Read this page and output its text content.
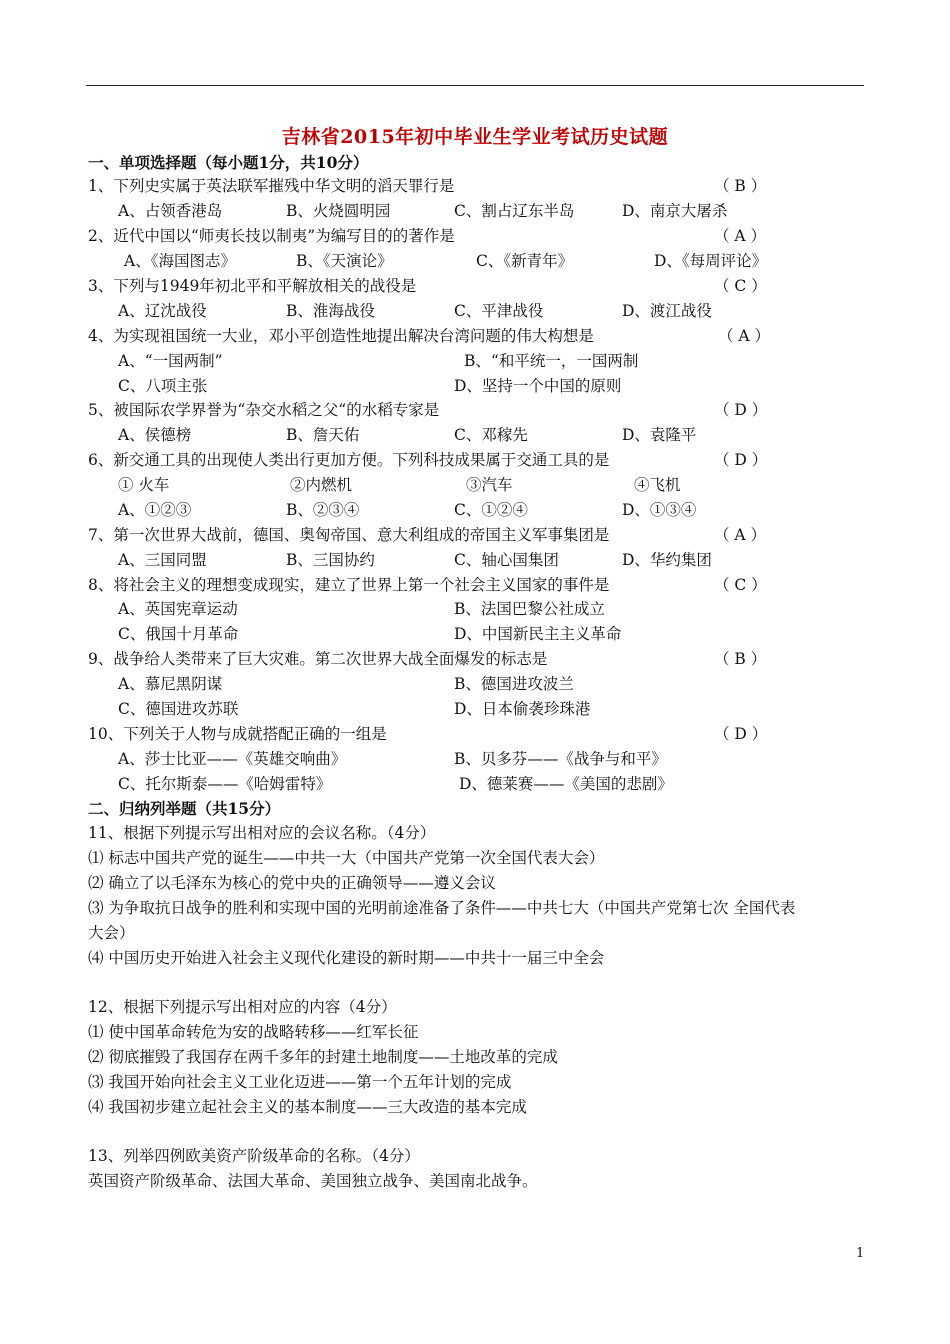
吉林省2015年初中毕业生学业考试历史试题
一、单项选择题（每小题1分，共10分）
1、下列史实属于英法联军摧残中华文明的滔天罪行是	（ B ）
A、占领香港岛	B、火烧圆明园	C、割占辽东半岛	D、南京大屠杀
2、近代中国以“师夷长技以制夷”为编写目的的著作是	（ A ）
A、《海国图志》	B、《天演论》	C、《新青年》	D、《每周评论》
3、下列与1949年初北平和平解放相关的战役是	（ C ）
A、辽沈战役	B、淮海战役	C、平津战役	D、渡江战役
4、为实现祖国统一大业，邓小平创造性地提出解决台湾问题的伟大构想是	（ A ）
A、“一国两制”	B、“和平统一，一国两制
C、八项主张	D、坚持一个中国的原则
5、被国际农学界誉为“杂交水稻之父“的水稻专家是	（ D ）
A、侯德榜	B、詹天佑	C、邓稼先	D、袁隆平
6、新交通工具的出现使人类出行更加方便。下列科技成果属于交通工具的是	（ D ）
① 火车	②内燃机	③汽车	④飞机
A、①②③	B、②③④	C、①②④	D、①③④
7、第一次世界大战前，德国、奥匈帝国、意大利组成的帝国主义军事集团是	（ A ）
A、三国同盟	B、三国协约	C、轴心国集团	D、华约集团
8、将社会主义的理想变成现实，建立了世界上第一个社会主义国家的事件是	（ C ）
A、英国宪章运动	B、法国巴黎公社成立
C、俄国十月革命	D、中国新民主主义革命
9、战争给人类带来了巨大灾难。第二次世界大战全面爆发的标志是	（ B ）
A、慕尼黑阴谋	B、德国进攻波兰
C、德国进攻苏联	D、日本偷袭珍珠港
10、下列关于人物与成就搭配正确的一组是	（ D ）
A、莎士比亚——《英雄交响曲》	B、贝多芬——《战争与和平》
C、托尔斯泰——《哈姆雷特》	D、德莱赛——《美国的悲剧》
二、归纳列举题（共15分）
11、根据下列提示写出相对应的会议名称。（4分）
⑴ 标志中国共产党的诞生——中共一大（中国共产党第一次全国代表大会）
⑵ 确立了以毛泽东为核心的党中央的正确领导——遵义会议
⑶ 为争取抗日战争的胜利和实现中国的光明前途准备了条件——中共七大（中国共产党第七次 全国代表
大会）
⑷ 中国历史开始进入社会主义现代化建设的新时期——中共十一届三中全会
12、根据下列提示写出相对应的内容（4分）
⑴ 使中国革命转危为安的战略转移——红军长征
⑵ 彻底摧毁了我国存在两千多年的封建土地制度——土地改革的完成
⑶ 我国开始向社会主义工业化迈进——第一个五年计划的完成
⑷ 我国初步建立起社会主义的基本制度——三大改造的基本完成
13、列举四例欧美资产阶级革命的名称。（4分）
英国资产阶级革命、法国大革命、美国独立战争、美国南北战争。
1
